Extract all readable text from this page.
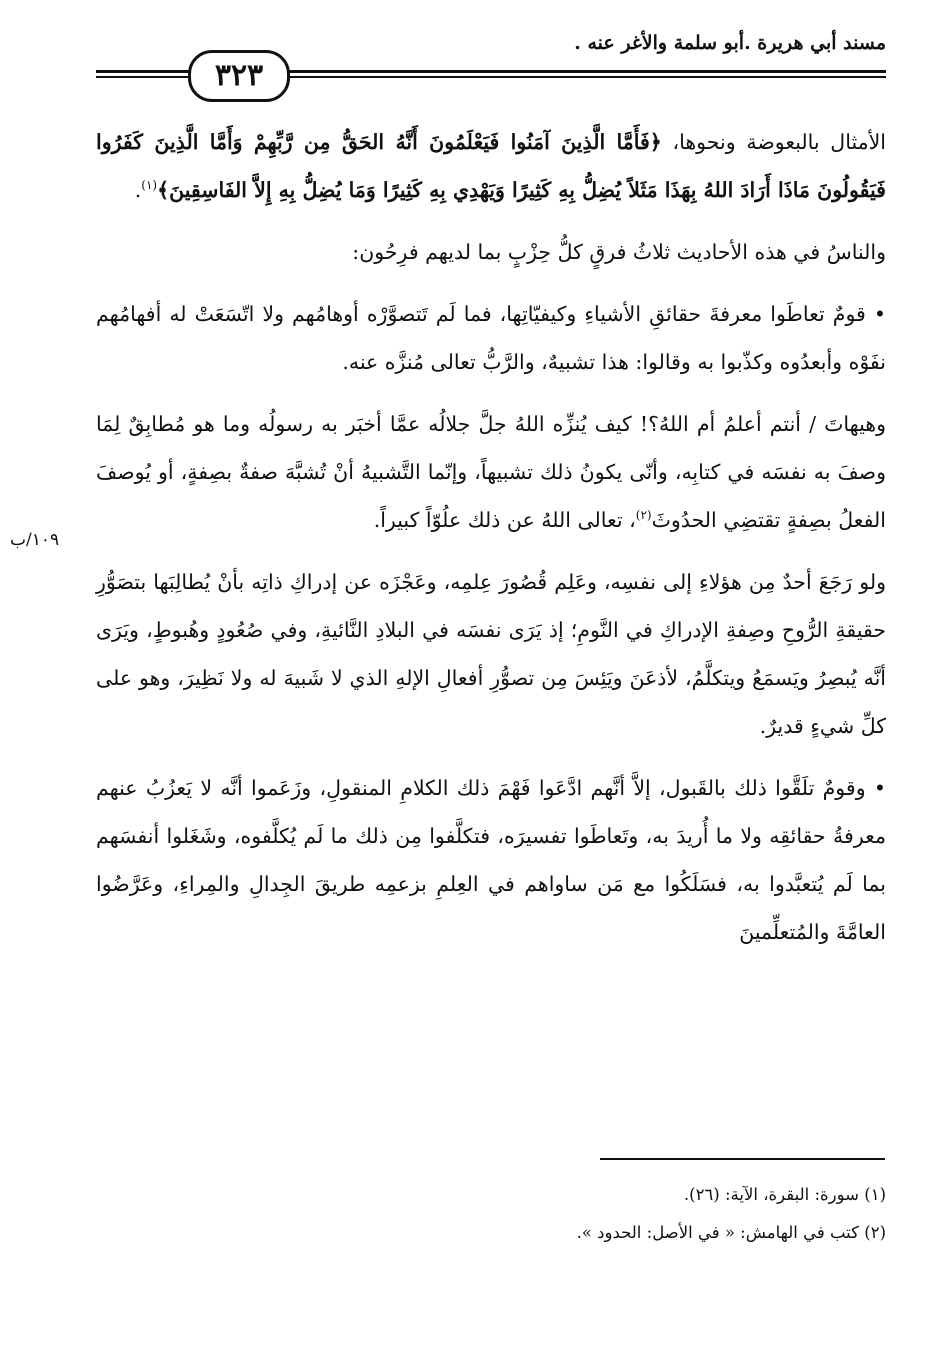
مسند أبي هريرة .أبو سلمة والأغر عنه .
٣٢٣
١٠٩/ب

الأمثال بالبعوضة ونحوها، ﴿فَأَمَّا الَّذِينَ آمَنُوا فَيَعْلَمُونَ أَنَّهُ الحَقُّ مِن رَّبِّهِمْ وَأَمَّا الَّذِينَ كَفَرُوا فَيَقُولُونَ مَاذَا أَرَادَ اللهُ بِهَذَا مَثَلاً يُضِلُّ بِهِ كَثِيرًا وَيَهْدِي بِهِ كَثِيرًا وَمَا يُضِلُّ بِهِ إِلاَّ الفَاسِقِينَ﴾$^{(١)}$.

والناسُ في هذه الأحاديث ثلاثُ فرقٍ كلُّ حِزْبٍ بما لديهم فرِحُون:

• قومٌ تعاطَوا معرفةَ حقائقِ الأشياءِ وكيفيّاتِها، فما لَم تَتصوَّرْه أوهامُهم ولا اتّسَعَتْ له أفهامُهم نفَوْه وأبعدُوه وكذّبوا به وقالوا: هذا تشبيهٌ، والرَّبُّ تعالى مُنزَّه عنه.

وهيهاتَ / أنتم أعلمُ أم اللهُ؟! كيف يُنزِّه اللهُ جلَّ جلالُه عمَّا أخبَر به رسولُه وما هو مُطابِقٌ لِمَا وصفَ به نفسَه في كتابِه، وأنّى يكونُ ذلك تشبيهاً، وإنّما التَّشبيهُ أنْ تُشبَّهَ صفةٌ بصِفةٍ، أو يُوصفَ الفعلُ بصِفةٍ تقتضِي الحدُوثَ$^{(٢)}$، تعالى اللهُ عن ذلك علُوّاً كبيراً.

ولو رَجَعَ أحدٌ مِن هؤلاءِ إلى نفسِه، وعَلِم قُصُورَ عِلمِه، وعَجْزَه عن إدراكِ ذاتِه بأنْ يُطالِبَها بتصَوُّرِ حقيقةِ الرُّوحِ وصِفةِ الإدراكِ في النَّومِ؛ إذ يَرَى نفسَه في البلادِ النَّائيةِ، وفي صُعُودٍ وهُبوطٍ، ويَرَى أنَّه يُبصِرُ ويَسمَعُ ويتكلَّمُ، لأذعَنَ ويَئِسَ مِن تصوُّرِ أفعالِ الإلهِ الذي لا شَبيهَ له ولا نَظِيرَ، وهو على كلِّ شيءٍ قديرٌ.

• وقومٌ تلَقَّوا ذلك بالقَبول، إلاَّ أنَّهم ادَّعَوا فَهْمَ ذلك الكلامِ المنقولِ، وزَعَموا أنَّه لا يَعزُبُ عنهم معرفةُ حقائقِه ولا ما أُريدَ به، وتَعاطَوا تفسيرَه، فتكلَّفوا مِن ذلك ما لَم يُكلَّفوه، وشَغَلوا أنفسَهم بما لَم يُتعبَّدوا به، فسَلَكُوا مع مَن ساواهم في العِلمِ بزعمِه طريقَ الجِدالِ والمِراءِ، وعَرَّضُوا العامَّةَ والمُتعلِّمينَ

(١) سورة: البقرة، الآية: (٢٦).
(٢) كتب في الهامش: « في الأصل: الحدود ».
